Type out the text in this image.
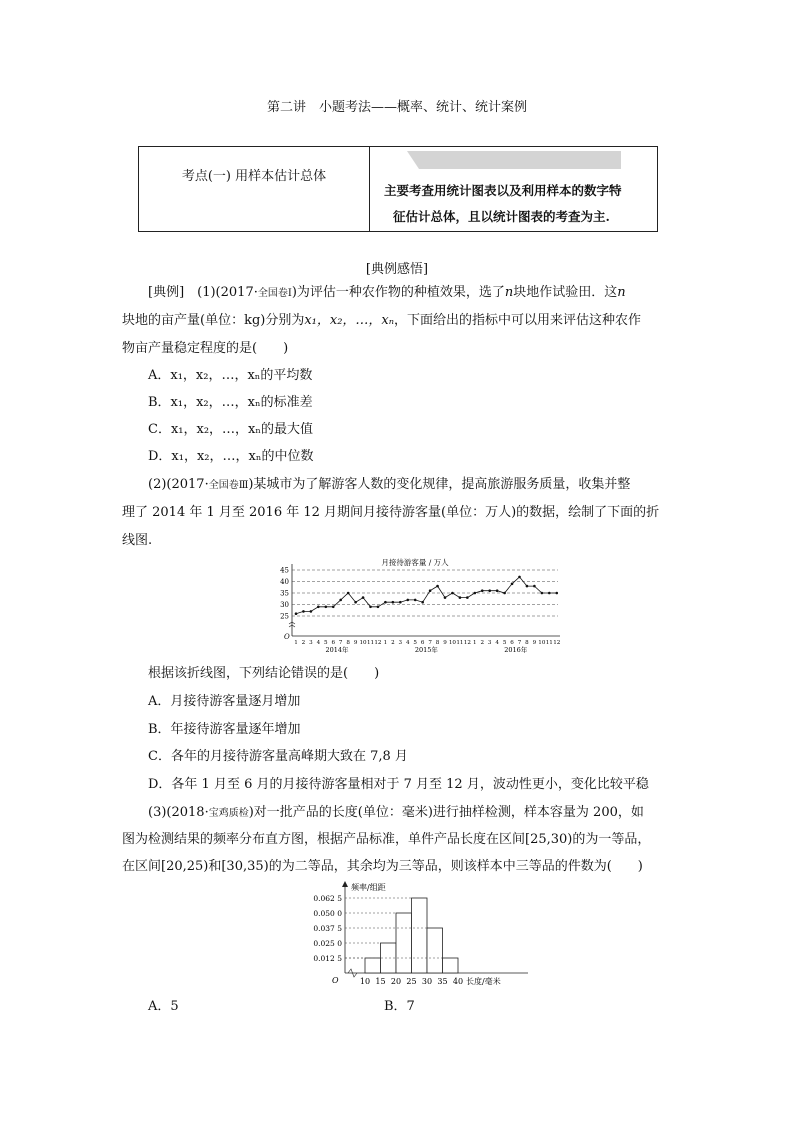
第二讲　小题考法——概率、统计、统计案例
考点(一) 用样本估计总体
主要考查用统计图表以及利用样本的数字特
征估计总体，且以统计图表的考查为主.
[典例感悟]
[典例]　(1)(2017·全国卷Ⅰ)为评估一种农作物的种植效果，选了n块地作试验田．这n
块地的亩产量(单位：kg)分别为x₁，x₂，…，xₙ，下面给出的指标中可以用来评估这种农作
物亩产量稳定程度的是(　　)
A．x₁，x₂，…，xₙ的平均数
B．x₁，x₂，…，xₙ的标准差
C．x₁，x₂，…，xₙ的最大值
D．x₁，x₂，…，xₙ的中位数
(2)(2017·全国卷Ⅲ)某城市为了解游客人数的变化规律，提高旅游服务质量，收集并整
理了 2014 年 1 月至 2016 年 12 月期间月接待游客量(单位：万人)的数据，绘制了下面的折
线图.
月接待游客量 / 万人
O
25
30
35
40
45
1 2 3 4 5 6 7 8 9 10 11 12 1 2 3 4 5 6 7 8 9 10 11 12 1 2 3 4 5 6 7 8 9 10 11 12
2014年	2015年	2016年
根据该折线图，下列结论错误的是(　　)
A．月接待游客量逐月增加
B．年接待游客量逐年增加
C．各年的月接待游客量高峰期大致在 7,8 月
D．各年 1 月至 6 月的月接待游客量相对于 7 月至 12 月，波动性更小，变化比较平稳
(3)(2018·宝鸡质检)对一批产品的长度(单位：毫米)进行抽样检测，样本容量为 200，如
图为检测结果的频率分布直方图，根据产品标准，单件产品长度在区间[25,30)的为一等品，
在区间[20,25)和[30,35)的为二等品，其余均为三等品，则该样本中三等品的件数为(　　)
频率/组距
O
0.062 5
0.050 0
0.037 5
0.025 0
0.012 5
10 15 20 25 30 35 40 长度/毫米
A．5	B．7
